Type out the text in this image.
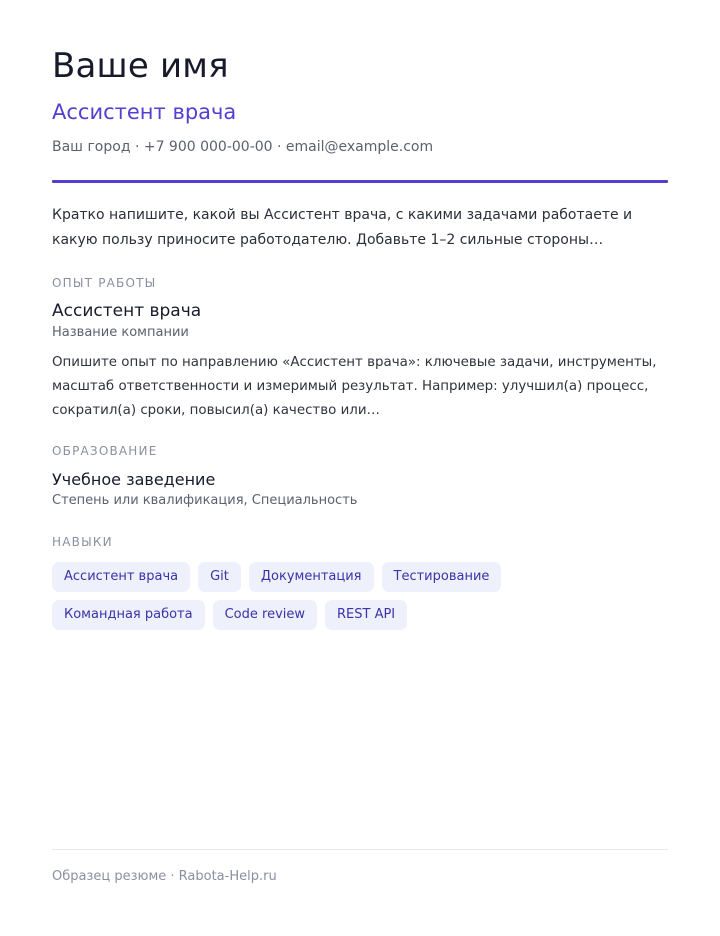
Ваше имя
Ассистент врача
Ваш город · +7 900 000-00-00 · email@example.com
Кратко напишите, какой вы Ассистент врача, с какими задачами работаете и какую пользу приносите работодателю. Добавьте 1–2 сильные стороны…
ОПЫТ РАБОТЫ
Ассистент врача
Название компании
Опишите опыт по направлению «Ассистент врача»: ключевые задачи, инструменты, масштаб ответственности и измеримый результат. Например: улучшил(а) процесс, сократил(а) сроки, повысил(а) качество или…
ОБРАЗОВАНИЕ
Учебное заведение
Степень или квалификация, Специальность
НАВЫКИ
Ассистент врача	Git	Документация	Тестирование
Командная работа	Code review	REST API
Образец резюме · Rabota-Help.ru
